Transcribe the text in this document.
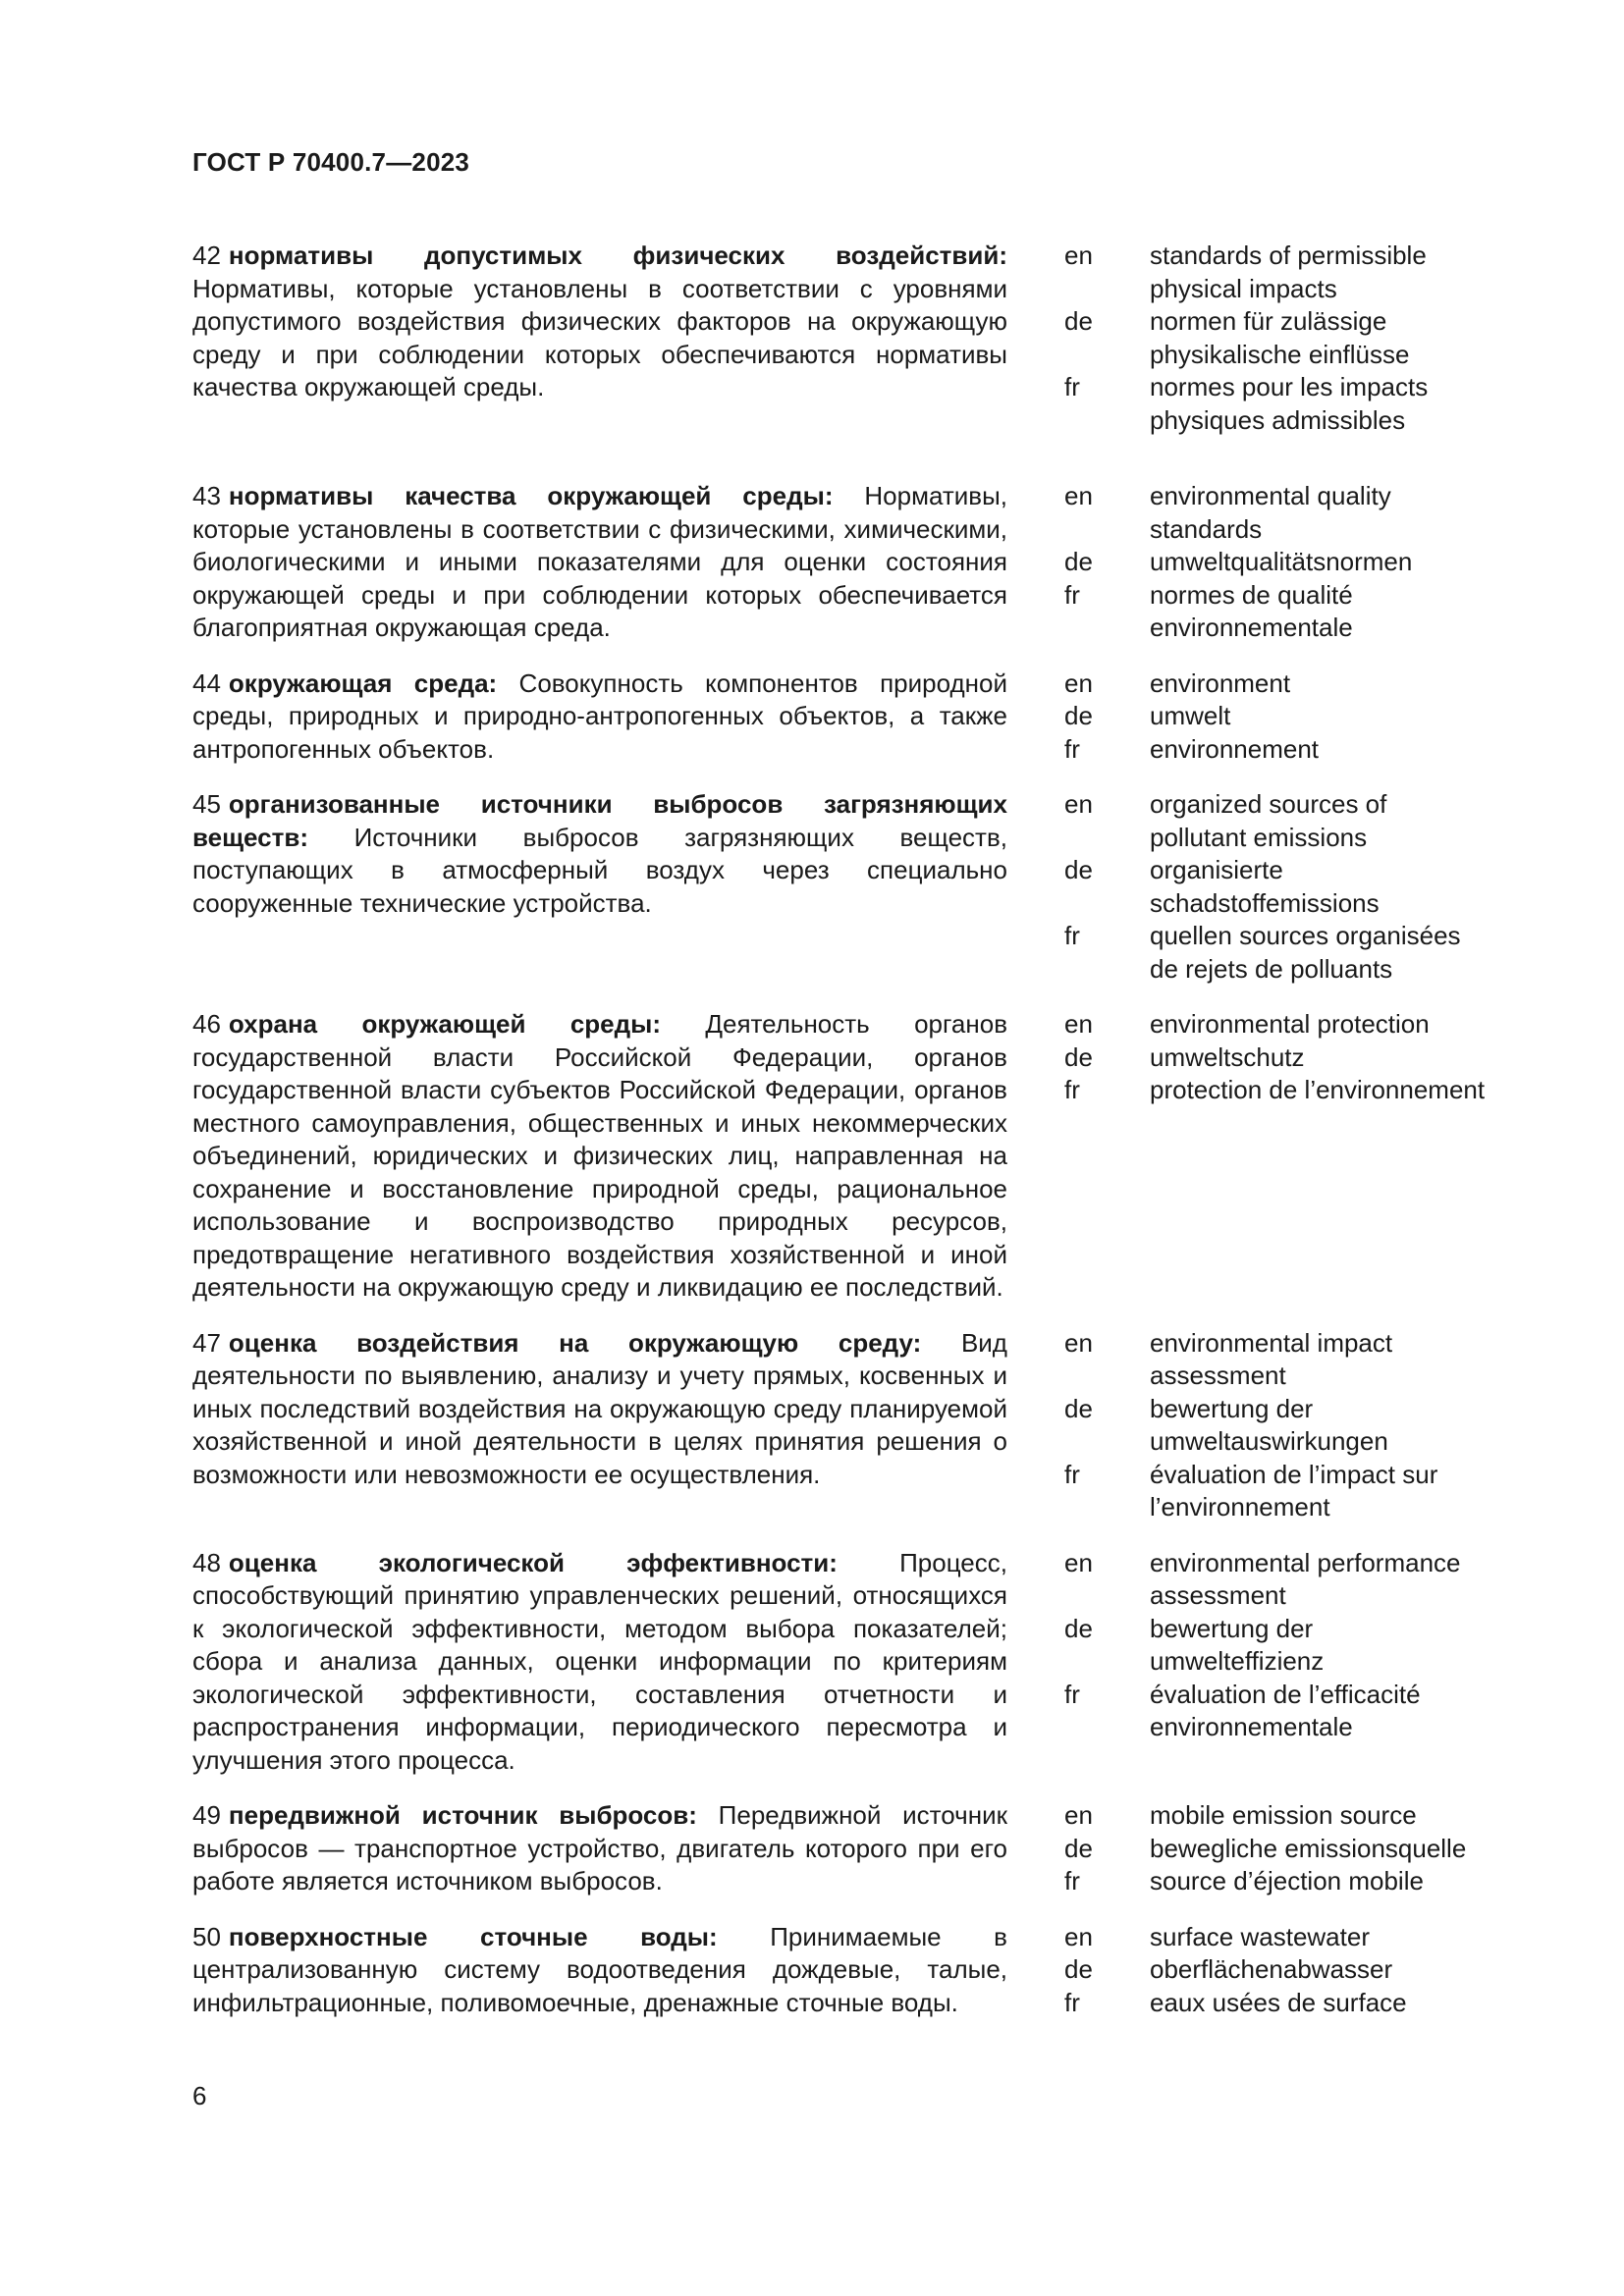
ГОСТ Р 70400.7—2023
42 нормативы допустимых физических воздействий: Нормативы, которые установлены в соответствии с уровнями допустимого воздействия физических факторов на окружающую среду и при соблюдении которых обеспечиваются нормативы качества окружающей среды.
en	standards of permissible physical impacts
de	normen für zulässige physikalische einflüsse
fr	normes pour les impacts physiques admissibles
43 нормативы качества окружающей среды: Нормативы, которые установлены в соответствии с физическими, химическими, биологическими и иными показателями для оценки состояния окружающей среды и при соблюдении которых обеспечивается благоприятная окружающая среда.
en	environmental quality standards
de	umweltqualitätsnormen
fr	normes de qualité environnementale
44 окружающая среда: Совокупность компонентов природной среды, природных и природно-антропогенных объектов, а также антропогенных объектов.
en	environment
de	umwelt
fr	environnement
45 организованные источники выбросов загрязняющих веществ: Источники выбросов загрязняющих веществ, поступающих в атмосферный воздух через специально сооруженные технические устройства.
en	organized sources of pollutant emissions
de	organisierte schadstoffemissions
fr	quellen sources organisées de rejets de polluants
46 охрана окружающей среды: Деятельность органов государственной власти Российской Федерации, органов государственной власти субъектов Российской Федерации, органов местного самоуправления, общественных и иных некоммерческих объединений, юридических и физических лиц, направленная на сохранение и восстановление природной среды, рациональное использование и воспроизводство природных ресурсов, предотвращение негативного воздействия хозяйственной и иной деятельности на окружающую среду и ликвидацию ее последствий.
en	environmental protection
de	umweltschutz
fr	protection de l’environnement
47 оценка воздействия на окружающую среду: Вид деятельности по выявлению, анализу и учету прямых, косвенных и иных последствий воздействия на окружающую среду планируемой хозяйственной и иной деятельности в целях принятия решения о возможности или невозможности ее осуществления.
en	environmental impact assessment
de	bewertung der umweltauswirkungen
fr	évaluation de l’impact sur l’environnement
48 оценка экологической эффективности: Процесс, способствующий принятию управленческих решений, относящихся к экологической эффективности, методом выбора показателей; сбора и анализа данных, оценки информации по критериям экологической эффективности, составления отчетности и распространения информации, периодического пересмотра и улучшения этого процесса.
en	environmental performance assessment
de	bewertung der umwelteffizienz
fr	évaluation de l’efficacité environnementale
49 передвижной источник выбросов: Передвижной источник выбросов — транспортное устройство, двигатель которого при его работе является источником выбросов.
en	mobile emission source
de	bewegliche emissionsquelle
fr	source d’éjection mobile
50 поверхностные сточные воды: Принимаемые в централизованную систему водоотведения дождевые, талые, инфильтрационные, поливомоечные, дренажные сточные воды.
en	surface wastewater
de	oberflächenabwasser
fr	eaux usées de surface
6
